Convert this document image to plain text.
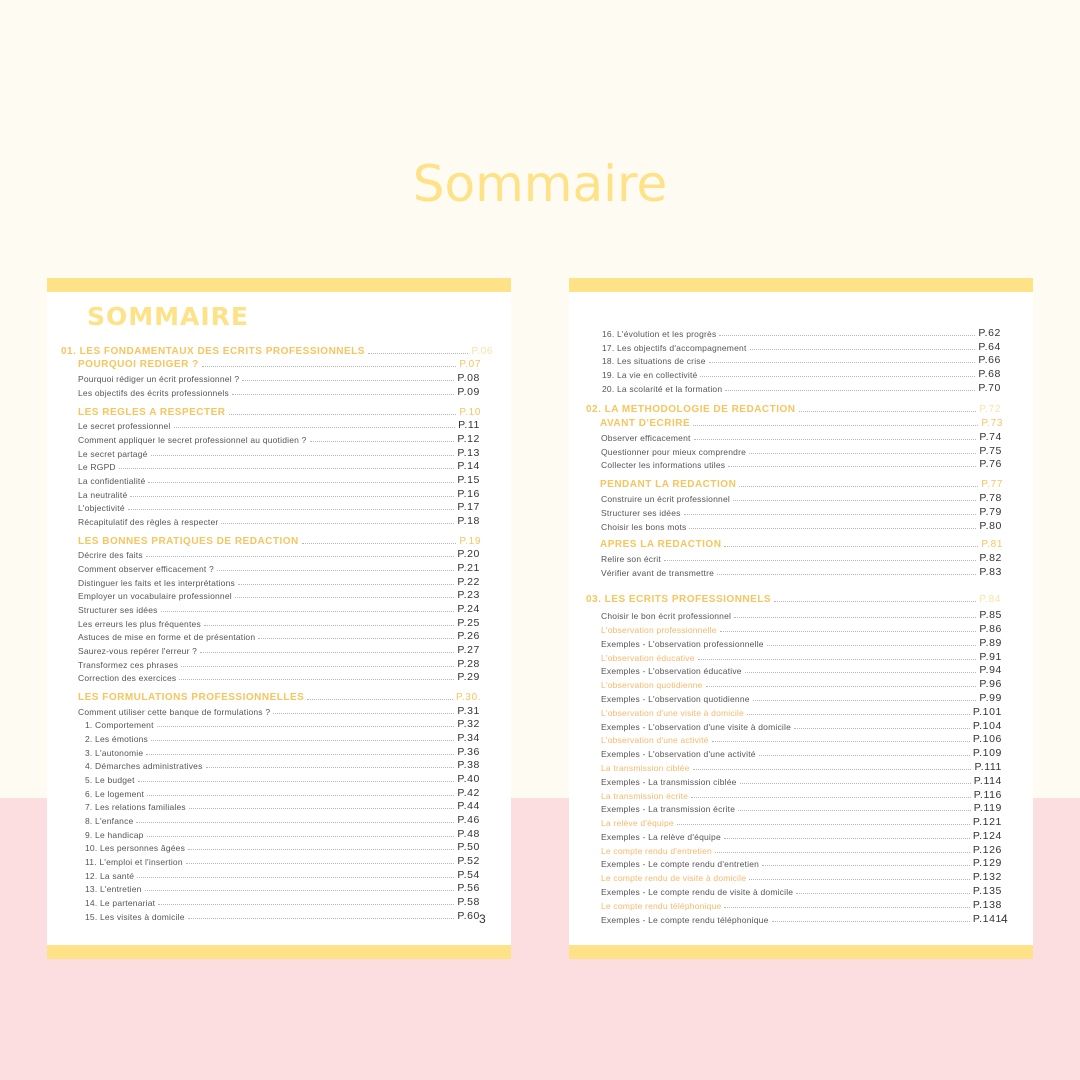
Sommaire
SOMMAIRE
01. LES FONDAMENTAUX DES ECRITS PROFESSIONNELS	P.06
POURQUOI REDIGER ?	P.07
Pourquoi rédiger un écrit professionnel ?	P.08
Les objectifs des écrits professionnels	P.09
LES REGLES A RESPECTER	P.10
Le secret professionnel	P.11
Comment appliquer le secret professionnel au quotidien ?	P.12
Le secret partagé	P.13
Le RGPD	P.14
La confidentialité	P.15
La neutralité	P.16
L'objectivité	P.17
Récapitulatif des règles à respecter	P.18
LES BONNES PRATIQUES DE REDACTION	P.19
Décrire des faits	P.20
Comment observer efficacement ?	P.21
Distinguer les faits et les interprétations	P.22
Employer un vocabulaire professionnel	P.23
Structurer ses idées	P.24
Les erreurs les plus fréquentes	P.25
Astuces de mise en forme et de présentation	P.26
Saurez-vous repérer l'erreur ?	P.27
Transformez ces phrases	P.28
Correction des exercices	P.29
LES FORMULATIONS PROFESSIONNELLES	P.30.
Comment utiliser cette banque de formulations ?	P.31
1. Comportement	P.32
2. Les émotions	P.34
3. L'autonomie	P.36
4. Démarches administratives	P.38
5. Le budget	P.40
6. Le logement	P.42
7. Les relations familiales	P.44
8. L'enfance	P.46
9. Le handicap	P.48
10. Les personnes âgées	P.50
11. L'emploi et l'insertion	P.52
12. La santé	P.54
13. L'entretien	P.56
14. Le partenariat	P.58
15. Les visites à domicile	P.60 3
16. L'évolution et les progrès	P.62
17. Les objectifs d'accompagnement	P.64
18. Les situations de crise	P.66
19. La vie en collectivité	P.68
20. La scolarité et la formation	P.70
02. LA METHODOLOGIE DE REDACTION	P.72
AVANT D'ECRIRE	P.73
Observer efficacement	P.74
Questionner pour mieux comprendre	P.75
Collecter les informations utiles	P.76
PENDANT LA REDACTION	P.77
Construire un écrit professionnel	P.78
Structurer ses idées	P.79
Choisir les bons mots	P.80
APRES LA REDACTION	P.81
Relire son écrit	P.82
Vérifier avant de transmettre	P.83
03. LES ECRITS PROFESSIONNELS	P.84
Choisir le bon écrit professionnel	P.85
L'observation professionnelle	P.86
Exemples - L'observation professionnelle	P.89
L'observation éducative	P.91
Exemples - L'observation éducative	P.94
L'observation quotidienne	P.96
Exemples - L'observation quotidienne	P.99
L'observation d'une visite à domicile	P.101
Exemples - L'observation d'une visite à domicile	P.104
L'observation d'une activité	P.106
Exemples - L'observation d'une activité	P.109
La transmission ciblée	P.111
Exemples - La transmission ciblée	P.114
La transmission écrite	P.116
Exemples - La transmission écrite	P.119
La relève d'équipe	P.121
Exemples - La relève d'équipe	P.124
Le compte rendu d'entretien	P.126
Exemples - Le compte rendu d'entretien	P.129
Le compte rendu de visite à domicile	P.132
Exemples - Le compte rendu de visite à domicile	P.135
Le compte rendu téléphonique	P.138
Exemples - Le compte rendu téléphonique	P.141 4
